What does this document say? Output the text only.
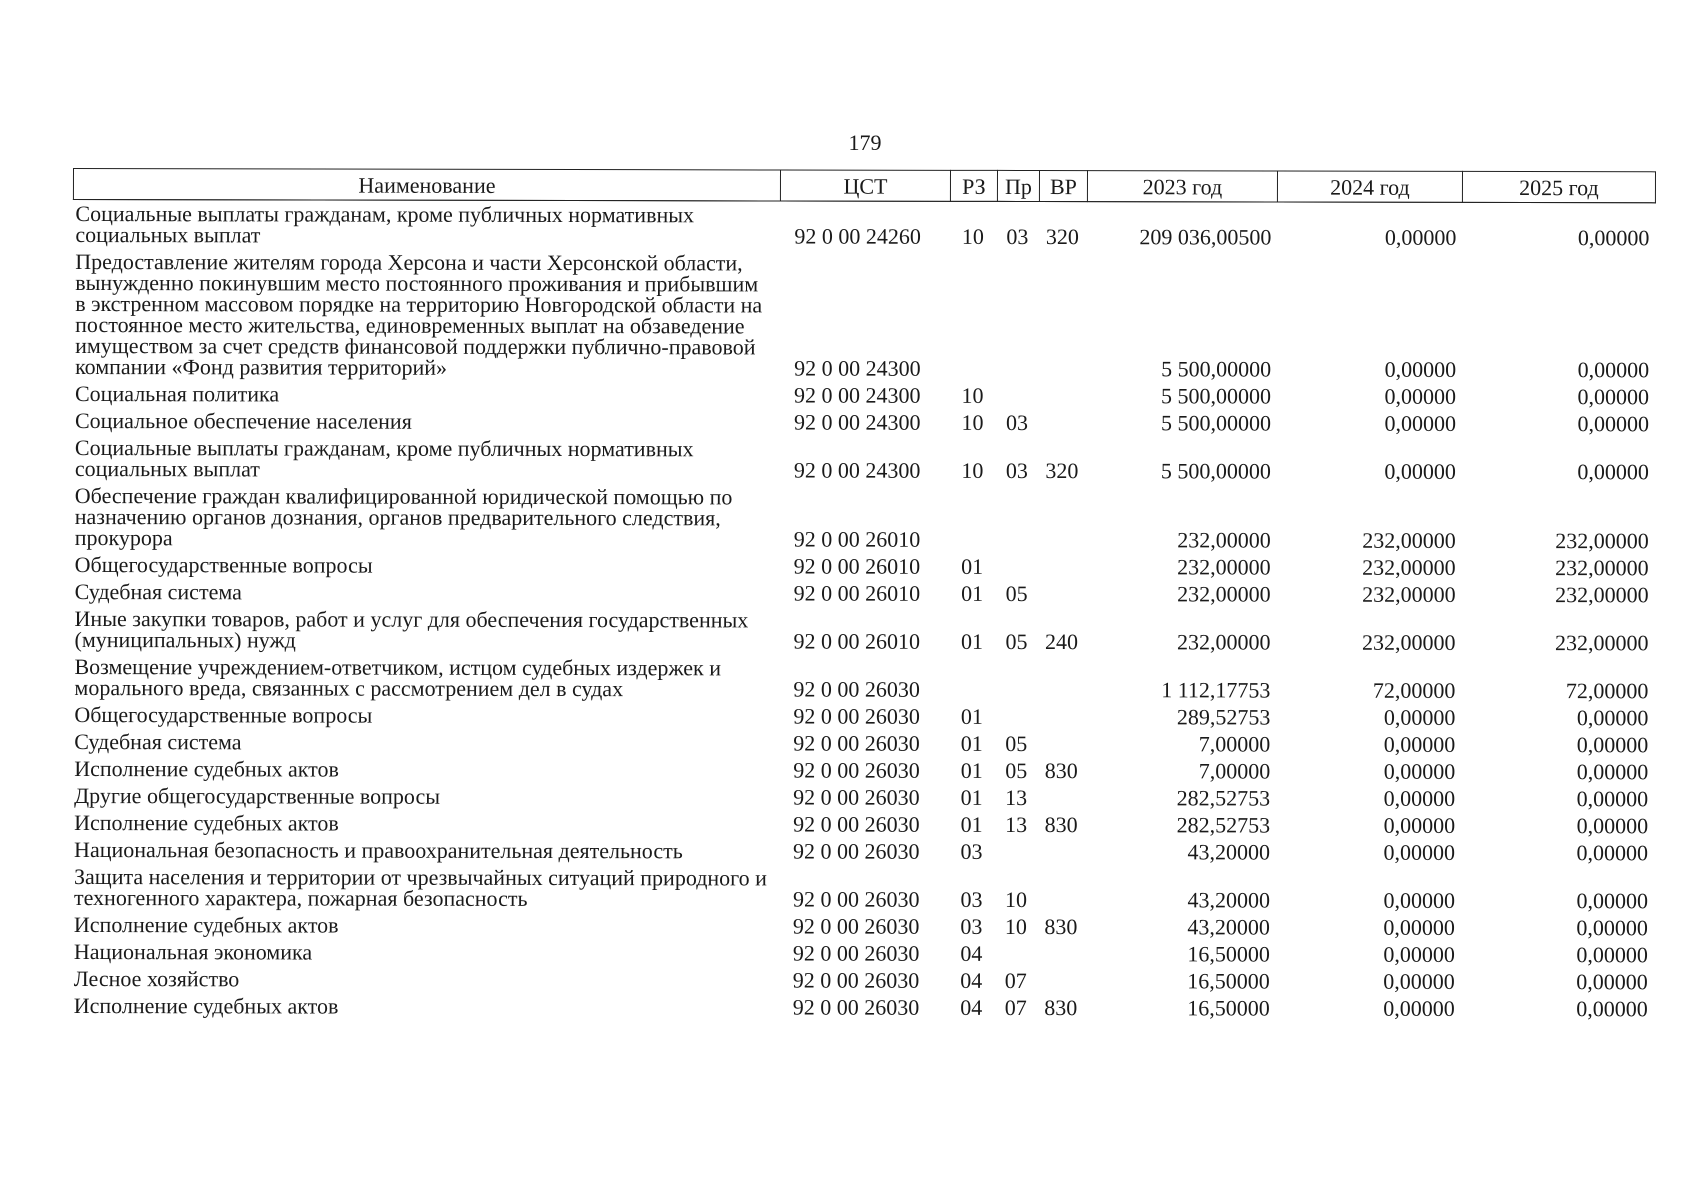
179
Наименование	ЦСТ	РЗ	Пр	ВР	2023 год	2024 год	2025 год
Социальные выплаты гражданам, кроме публичных нормативных социальных выплат	92 0 00 24260	10	03	320	209 036,00500	0,00000	0,00000
Предоставление жителям города Херсона и части Херсонской области, вынужденно покинувшим место постоянного проживания и прибывшим в экстренном массовом порядке на территорию Новгородской области на постоянное место жительства, единовременных выплат на обзаведение имуществом за счет средств финансовой поддержки публично-правовой компании «Фонд развития территорий»	92 0 00 24300				5 500,00000	0,00000	0,00000
Социальная политика	92 0 00 24300	10			5 500,00000	0,00000	0,00000
Социальное обеспечение населения	92 0 00 24300	10	03		5 500,00000	0,00000	0,00000
Социальные выплаты гражданам, кроме публичных нормативных социальных выплат	92 0 00 24300	10	03	320	5 500,00000	0,00000	0,00000
Обеспечение граждан квалифицированной юридической помощью по назначению органов дознания, органов предварительного следствия, прокурора	92 0 00 26010				232,00000	232,00000	232,00000
Общегосударственные вопросы	92 0 00 26010	01			232,00000	232,00000	232,00000
Судебная система	92 0 00 26010	01	05		232,00000	232,00000	232,00000
Иные закупки товаров, работ и услуг для обеспечения государственных (муниципальных) нужд	92 0 00 26010	01	05	240	232,00000	232,00000	232,00000
Возмещение учреждением-ответчиком, истцом судебных издержек и морального вреда, связанных с рассмотрением дел в судах	92 0 00 26030				1 112,17753	72,00000	72,00000
Общегосударственные вопросы	92 0 00 26030	01			289,52753	0,00000	0,00000
Судебная система	92 0 00 26030	01	05		7,00000	0,00000	0,00000
Исполнение судебных актов	92 0 00 26030	01	05	830	7,00000	0,00000	0,00000
Другие общегосударственные вопросы	92 0 00 26030	01	13		282,52753	0,00000	0,00000
Исполнение судебных актов	92 0 00 26030	01	13	830	282,52753	0,00000	0,00000
Национальная безопасность и правоохранительная деятельность	92 0 00 26030	03			43,20000	0,00000	0,00000
Защита населения и территории от чрезвычайных ситуаций природного и техногенного характера, пожарная безопасность	92 0 00 26030	03	10		43,20000	0,00000	0,00000
Исполнение судебных актов	92 0 00 26030	03	10	830	43,20000	0,00000	0,00000
Национальная экономика	92 0 00 26030	04			16,50000	0,00000	0,00000
Лесное хозяйство	92 0 00 26030	04	07		16,50000	0,00000	0,00000
Исполнение судебных актов	92 0 00 26030	04	07	830	16,50000	0,00000	0,00000
